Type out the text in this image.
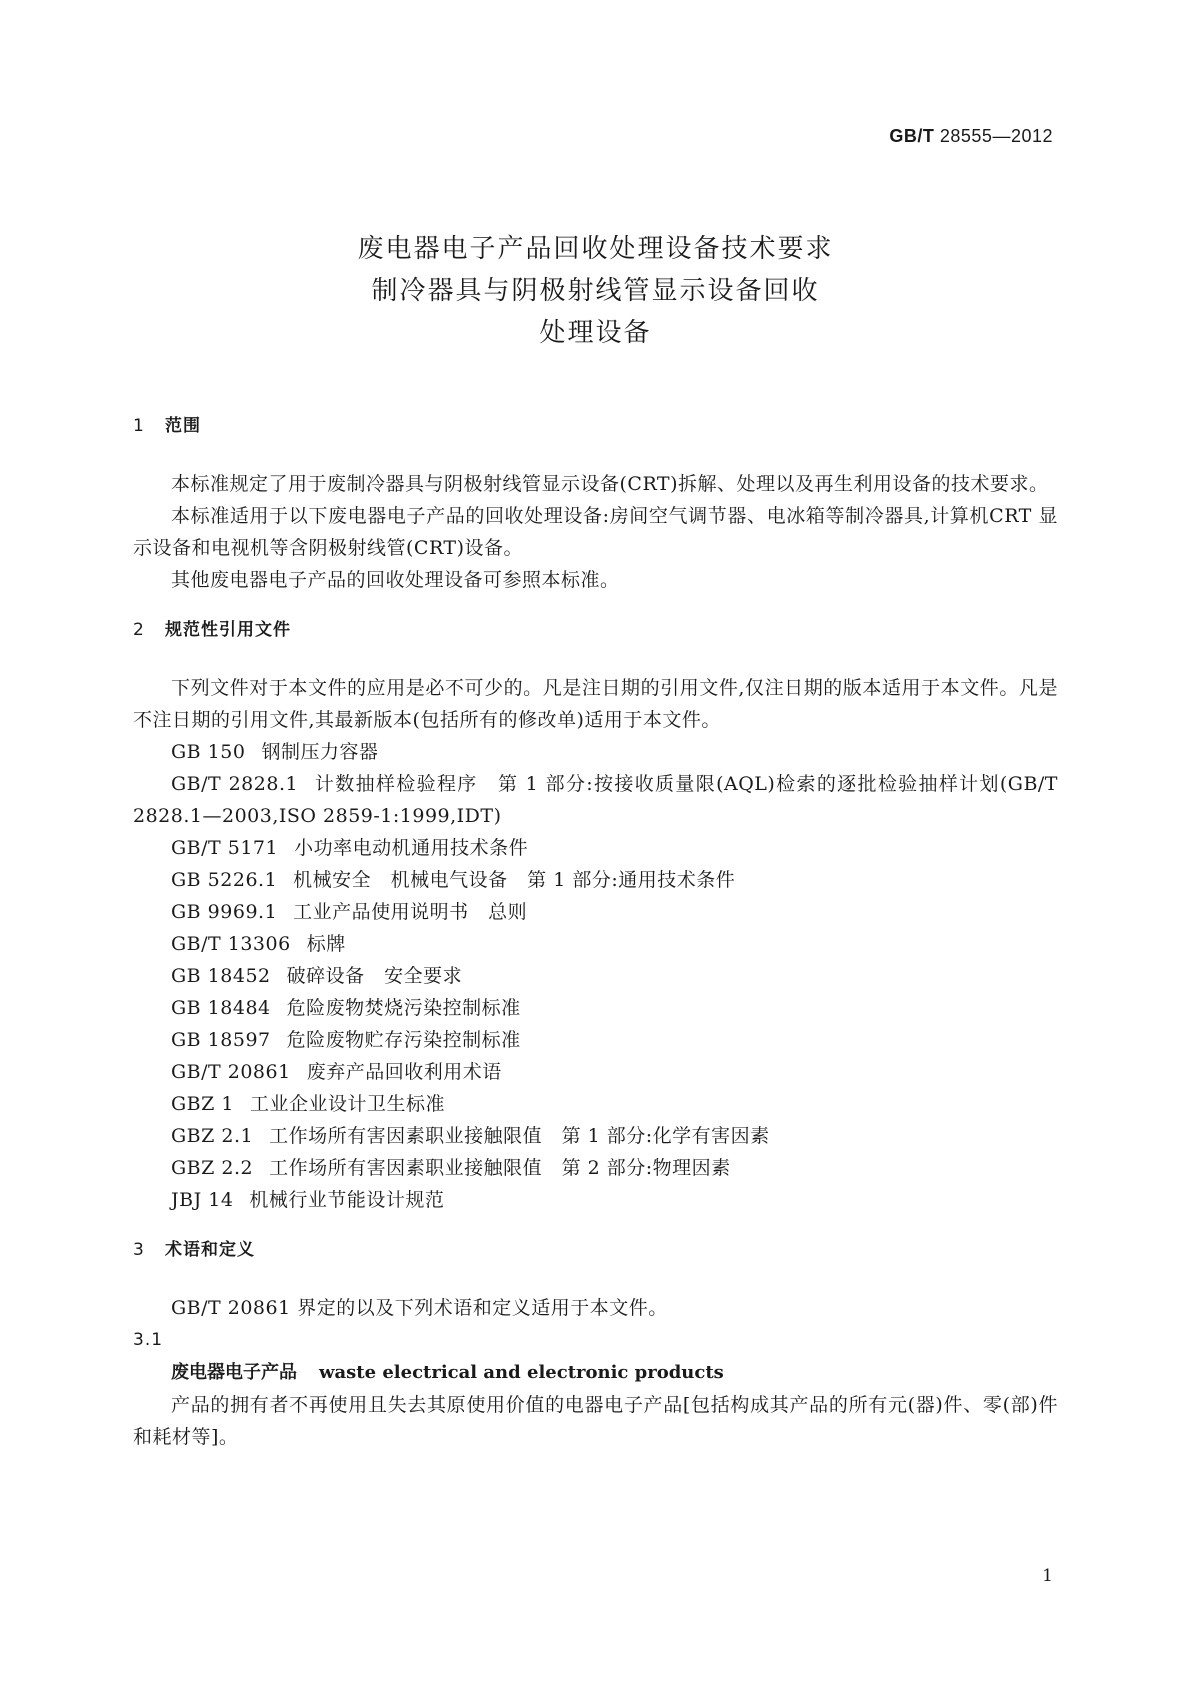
GB/T 28555—2012
废电器电子产品回收处理设备技术要求
制冷器具与阴极射线管显示设备回收
处理设备
1 范围
本标准规定了用于废制冷器具与阴极射线管显示设备(CRT)拆解、处理以及再生利用设备的技术要求。
本标准适用于以下废电器电子产品的回收处理设备:房间空气调节器、电冰箱等制冷器具,计算机CRT 显示设备和电视机等含阴极射线管(CRT)设备。
其他废电器电子产品的回收处理设备可参照本标准。
2 规范性引用文件
下列文件对于本文件的应用是必不可少的。凡是注日期的引用文件,仅注日期的版本适用于本文件。凡是不注日期的引用文件,其最新版本(包括所有的修改单)适用于本文件。
GB 150 钢制压力容器
GB/T 2828.1 计数抽样检验程序　第 1 部分:按接收质量限(AQL)检索的逐批检验抽样计划(GB/T 2828.1—2003,ISO 2859-1:1999,IDT)
GB/T 5171 小功率电动机通用技术条件
GB 5226.1 机械安全　机械电气设备　第 1 部分:通用技术条件
GB 9969.1 工业产品使用说明书　总则
GB/T 13306 标牌
GB 18452 破碎设备　安全要求
GB 18484 危险废物焚烧污染控制标准
GB 18597 危险废物贮存污染控制标准
GB/T 20861 废弃产品回收利用术语
GBZ 1 工业企业设计卫生标准
GBZ 2.1 工作场所有害因素职业接触限值　第 1 部分:化学有害因素
GBZ 2.2 工作场所有害因素职业接触限值　第 2 部分:物理因素
JBJ 14 机械行业节能设计规范
3 术语和定义
GB/T 20861 界定的以及下列术语和定义适用于本文件。
3.1
废电器电子产品 waste electrical and electronic products
产品的拥有者不再使用且失去其原使用价值的电器电子产品[包括构成其产品的所有元(器)件、零(部)件和耗材等]。
1
